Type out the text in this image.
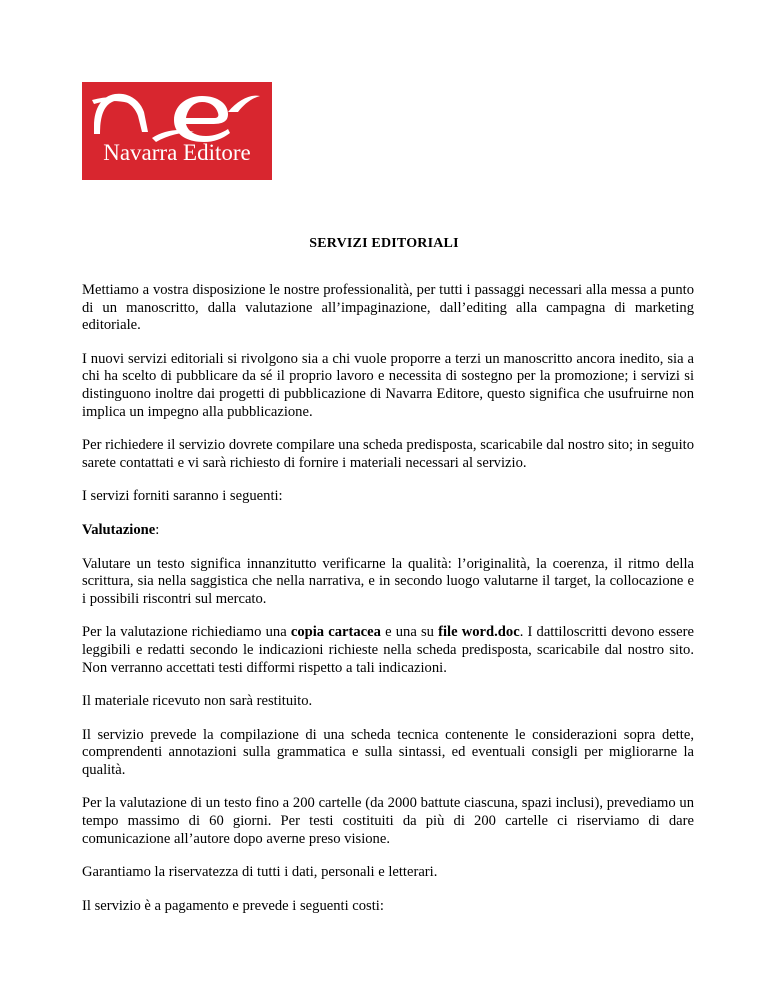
Navarra Editore
SERVIZI EDITORIALI

Mettiamo a vostra disposizione le nostre professionalità, per tutti i passaggi necessari alla messa a punto di un manoscritto, dalla valutazione all’impaginazione, dall’editing alla campagna di marketing editoriale.

I nuovi servizi editoriali si rivolgono sia a chi vuole proporre a terzi un manoscritto ancora inedito, sia a chi ha scelto di pubblicare da sé il proprio lavoro e necessita di sostegno per la promozione; i servizi si distinguono inoltre dai progetti di pubblicazione di Navarra Editore, questo significa che usufruirne non implica un impegno alla pubblicazione.

Per richiedere il servizio dovrete compilare una scheda predisposta, scaricabile dal nostro sito; in seguito sarete contattati e vi sarà richiesto di fornire i materiali necessari al servizio.

I servizi forniti saranno i seguenti:

Valutazione:

Valutare un testo significa innanzitutto verificarne la qualità: l’originalità, la coerenza, il ritmo della scrittura, sia nella saggistica che nella narrativa, e in secondo luogo valutarne il target, la collocazione e i possibili riscontri sul mercato.

Per la valutazione richiediamo una copia cartacea e una su file word.doc. I dattiloscritti devono essere leggibili e redatti secondo le indicazioni richieste nella scheda predisposta, scaricabile dal nostro sito. Non verranno accettati testi difformi rispetto a tali indicazioni.

Il materiale ricevuto non sarà restituito.

Il servizio prevede la compilazione di una scheda tecnica contenente le considerazioni sopra dette, comprendenti annotazioni sulla grammatica e sulla sintassi, ed eventuali consigli per migliorarne la qualità.

Per la valutazione di un testo fino a 200 cartelle (da 2000 battute ciascuna, spazi inclusi), prevediamo un tempo massimo di 60 giorni. Per testi costituiti da più di 200 cartelle ci riserviamo di dare comunicazione all’autore dopo averne preso visione.

Garantiamo la riservatezza di tutti i dati, personali e letterari.

Il servizio è a pagamento e prevede i seguenti costi:
